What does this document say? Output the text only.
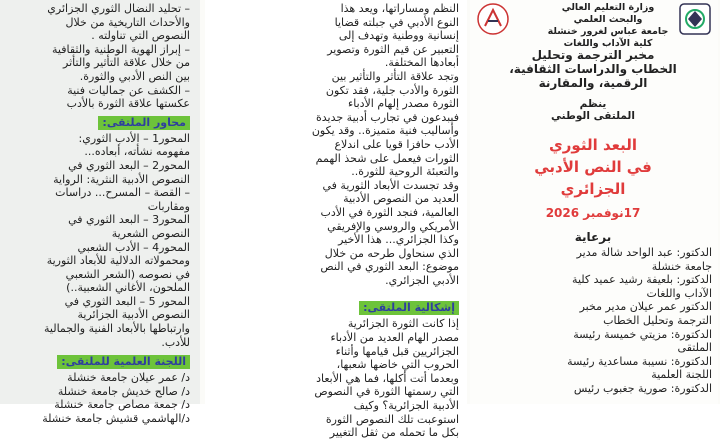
– تحليد النضال الثوري الجزائري

والأحداث التاريخية من خلال

النصوص التي تناولته .

– إبراز الهوية الوطنية والثقافية

من خلال علاقة التأثير والتأثر

بين النص الأدبي والثورة.

– الكشف عن جماليات فنية

عكستها علاقة الثورة بالأدب

محاور الملتقى:

المحور1 – الأدب الثوري:

مفهومه نشأته، أبعاده...

المحور2 – البعد الثوري في

النصوص الأدبية النثرية: الرواية

– القصة – المسرح... دراسات

ومقاربات

المحور3 – البعد الثوري في

النصوص الشعرية

المحور4 – الأدب الشعبي

ومحمولاته الدلالية للأبعاد الثورية

في نصوصه (الشعر الشعبي

الملحون، الأغاني الشعبية..)

المحور 5 – البعد الثوري في

النصوص الأدبية الجزائرية

وارتباطها بالأبعاد الفنية والجمالية

للأدب.

اللجنة العلمية للملتقى:

د/ عمر عيلان جامعة خنشلة

د/ صالح خديش جامعة خنشلة

د/ جمعة مصاص جامعة خنشلة

د/الهاشمي قشيش جامعة خنشلة

النظم ومساراتها، ويعد هذا

النوع الأدبي في جبلته قضايا

إنسانية ووطنية وتهدف إلى

التعبير عن قيم الثورة وتصوير

أبعادها المختلفة.

وتجد علاقة التأثر والتأثير بين

الثورة والأدب جلية، فقد تكون

الثورة مصدر إلهام الأدباء

فيبدعون في تجارب أدبية جديدة

وأساليب فنية متميزة.. وقد يكون

الأدب حافزا قويا على اندلاع

الثورات فيعمل على شحذ الهمم

والتعبئة الروحية للثورة..

وقد تجسدت الأبعاد الثورية في

العديد من النصوص الأدبية

العالمية، فنجد الثورة في الأدب

الأمريكي والروسي والإفريقي

وكذا الجزائري... هذا الأخير

الذي سنحاول طرحه من خلال

موضوع: البعد الثوري في النص

الأدبي الجزائري.

إشكالية الملتقى:

إذا كانت الثورة الجزائرية

مصدر الهام العديد من الأدباء

الجزائريين قبل قيامها وأثناء

الحروب التي خاضها شعبها،

وبعدما أتت أكلها، فما هي الأبعاد

التي رسمتها الثورة في النصوص

الأدبية الجزائرية؟ وكيف

استوعبت تلك النصوص الثورة

بكل ما تحمله من ثقل التغيير

وزارة التعليم العالي والبحث العلمي
جامعة عباس لغرور خنشلة
كلية الآداب واللغات
مخبر الترجمة وتحليل
الخطاب والدراسات الثقافية،
الرقمية، والمقارنة
ينظم
الملتقى الوطني
البعد الثوري
في النص الأدبي
الجزائري
17نوفمبر 2026
برعاية

الدكتور: عبد الواحد شالة مدير

جامعة خنشلة

الدكتور: بلعيفة رشيد عميد كلية

الآداب واللغات

الدكتور عمر عيلان مدير مخبر

الترجمة وتحليل الخطاب

الدكتورة: مزيتي خميسة رئيسة

الملتقى

الدكتورة: نسيبة مساعدية رئيسة

اللجنة العلمية

الدكتورة: صورية جغبوب رئيس
